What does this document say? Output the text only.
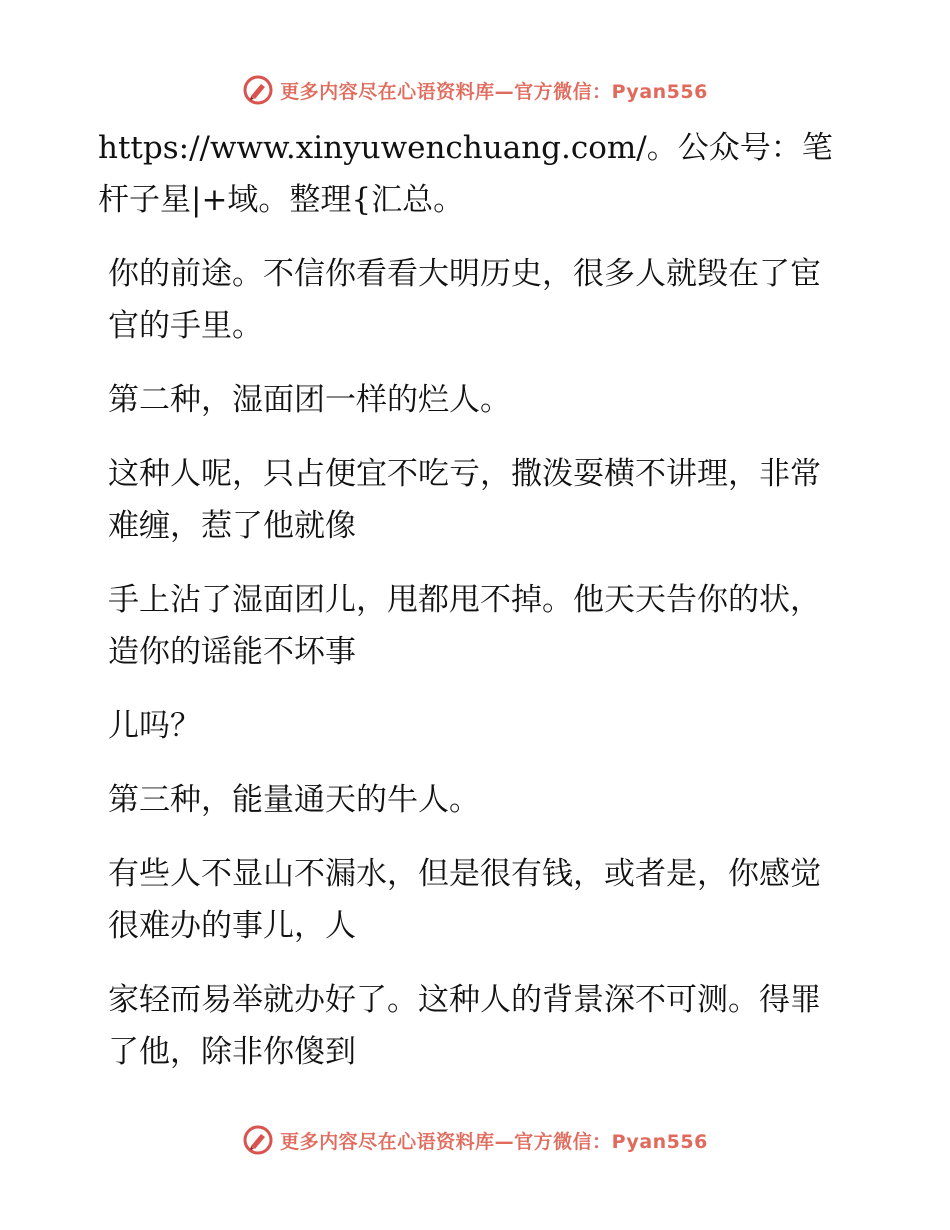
更多内容尽在心语资料库—官方微信：Pyan556

https://www.xinyuwenchuang.com/。公众号：笔杆子星|+域。整理{汇总。

你的前途。不信你看看大明历史，很多人就毁在了宦官的手里。

第二种，湿面团一样的烂人。

这种人呢，只占便宜不吃亏，撒泼耍横不讲理，非常难缠，惹了他就像

手上沾了湿面团儿，甩都甩不掉。他天天告你的状，造你的谣能不坏事

儿吗？

第三种，能量通天的牛人。

有些人不显山不漏水，但是很有钱，或者是，你感觉很难办的事儿，人

家轻而易举就办好了。这种人的背景深不可测。得罪了他，除非你傻到

更多内容尽在心语资料库—官方微信：Pyan556
